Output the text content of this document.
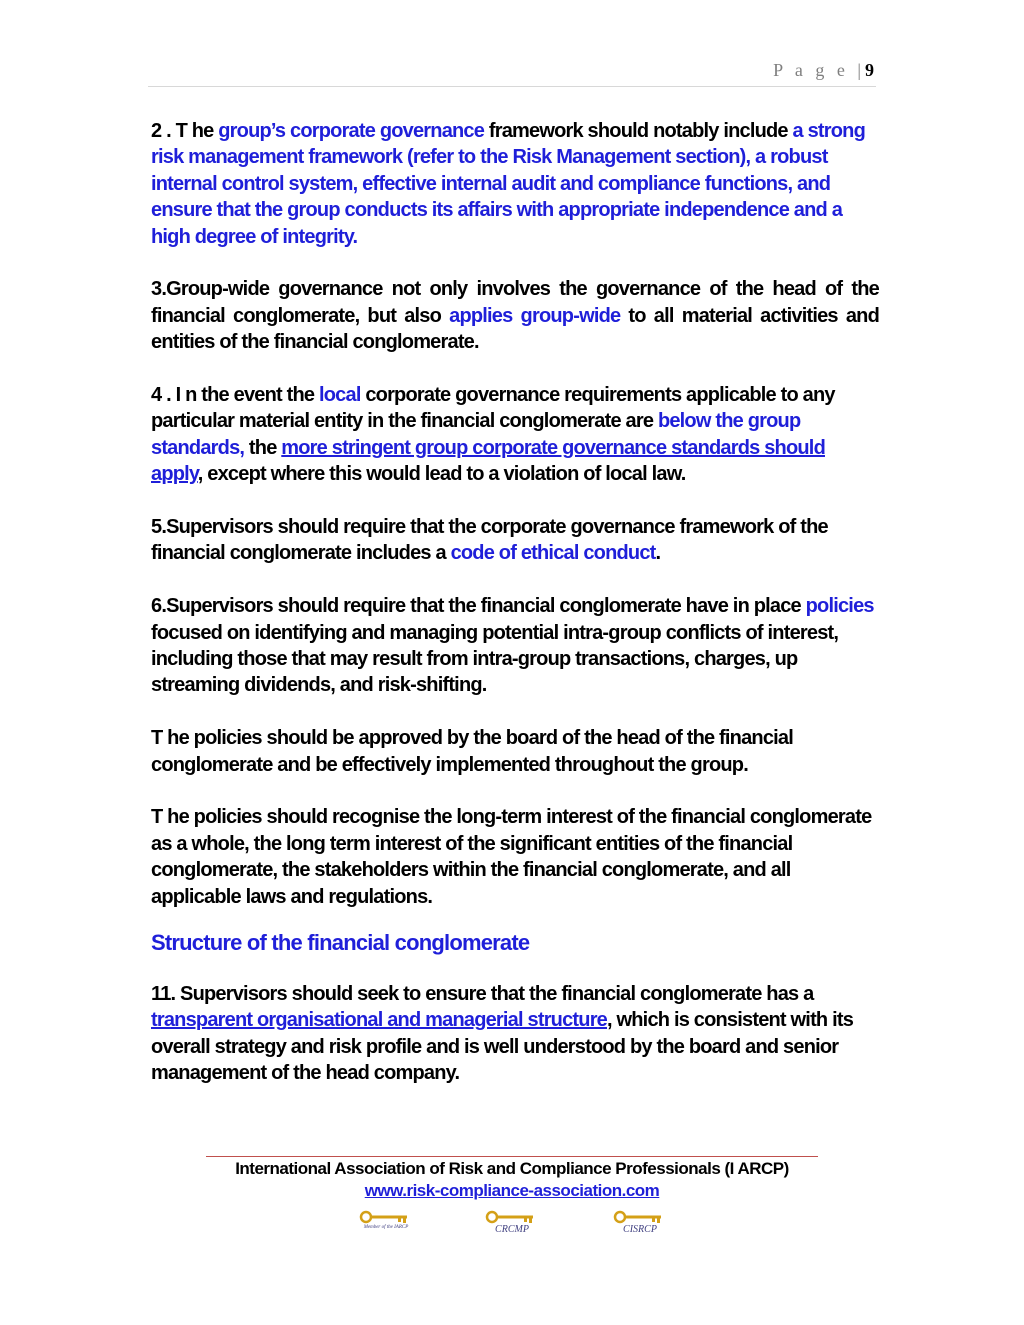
P a g e |9

2 . T he group’s corporate governance framework should notably include a strong risk management framework (refer to the Risk Management section), a robust internal control system, effective internal audit and compliance functions, and ensure that the group conducts its affairs with appropriate independence and a high degree of integrity.

3.Group-wide governance not only involves the governance of the head of the financial conglomerate, but also applies group-wide to all material activities and entities of the financial conglomerate.

4 . I n the event the local corporate governance requirements applicable to any particular material entity in the financial conglomerate are below the group standards, the more stringent group corporate governance standards should apply, except where this would lead to a violation of local law.

5.Supervisors should require that the corporate governance framework of the financial conglomerate includes a code of ethical conduct.

6.Supervisors should require that the financial conglomerate have in place policies focused on identifying and managing potential intra-group conflicts of interest, including those that may result from intra-group transactions, charges, up streaming dividends, and risk-shifting.

T he policies should be approved by the board of the head of the financial conglomerate and be effectively implemented throughout the group.

T he policies should recognise the long-term interest of the financial conglomerate as a whole, the long term interest of the significant entities of the financial conglomerate, the stakeholders within the financial conglomerate, and all applicable laws and regulations.

Structure of the financial conglomerate

11. Supervisors should seek to ensure that the financial conglomerate has a transparent organisational and managerial structure, which is consistent with its overall strategy and risk profile and is well understood by the board and senior management of the head company.

International Association of Risk and Compliance Professionals (I ARCP)
www.risk-compliance-association.com
Member of the IARCP	CRCMP	CISRCP
